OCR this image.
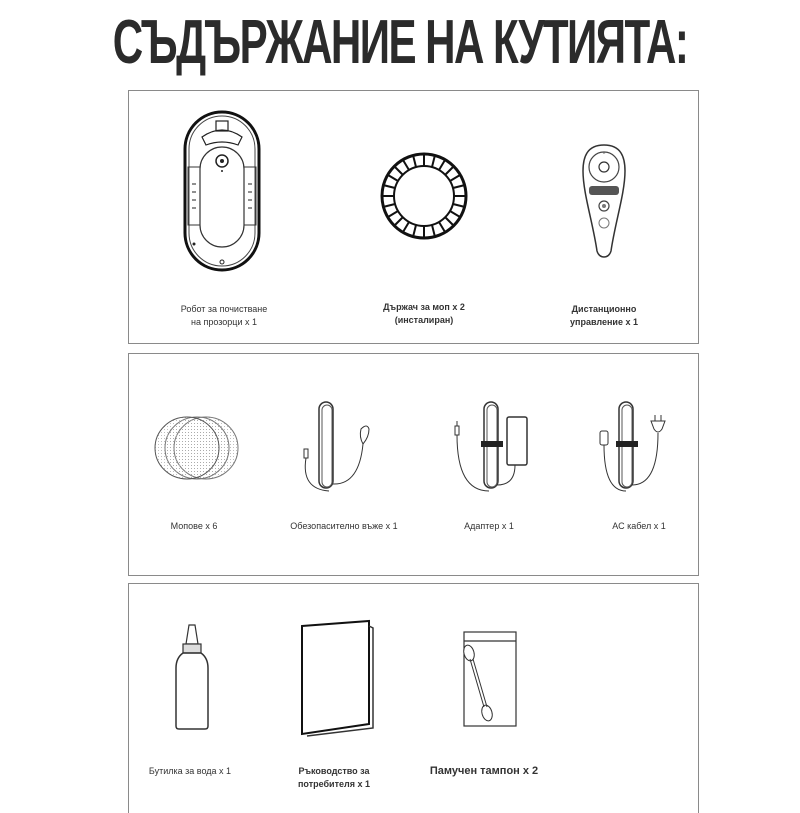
СЪДЪРЖАНИЕ НА КУТИЯТА:
Робот за почистване
на прозорци x 1
Държач за моп x 2
(инсталиран)
^
Дистанционно
управление x 1
Мопове x 6	Обезопасително въже x 1	Адаптер x 1	АС кабел x 1
Бутилка за вода x 1	Ръководство за
потребителя x 1
Памучен тампон x 2
